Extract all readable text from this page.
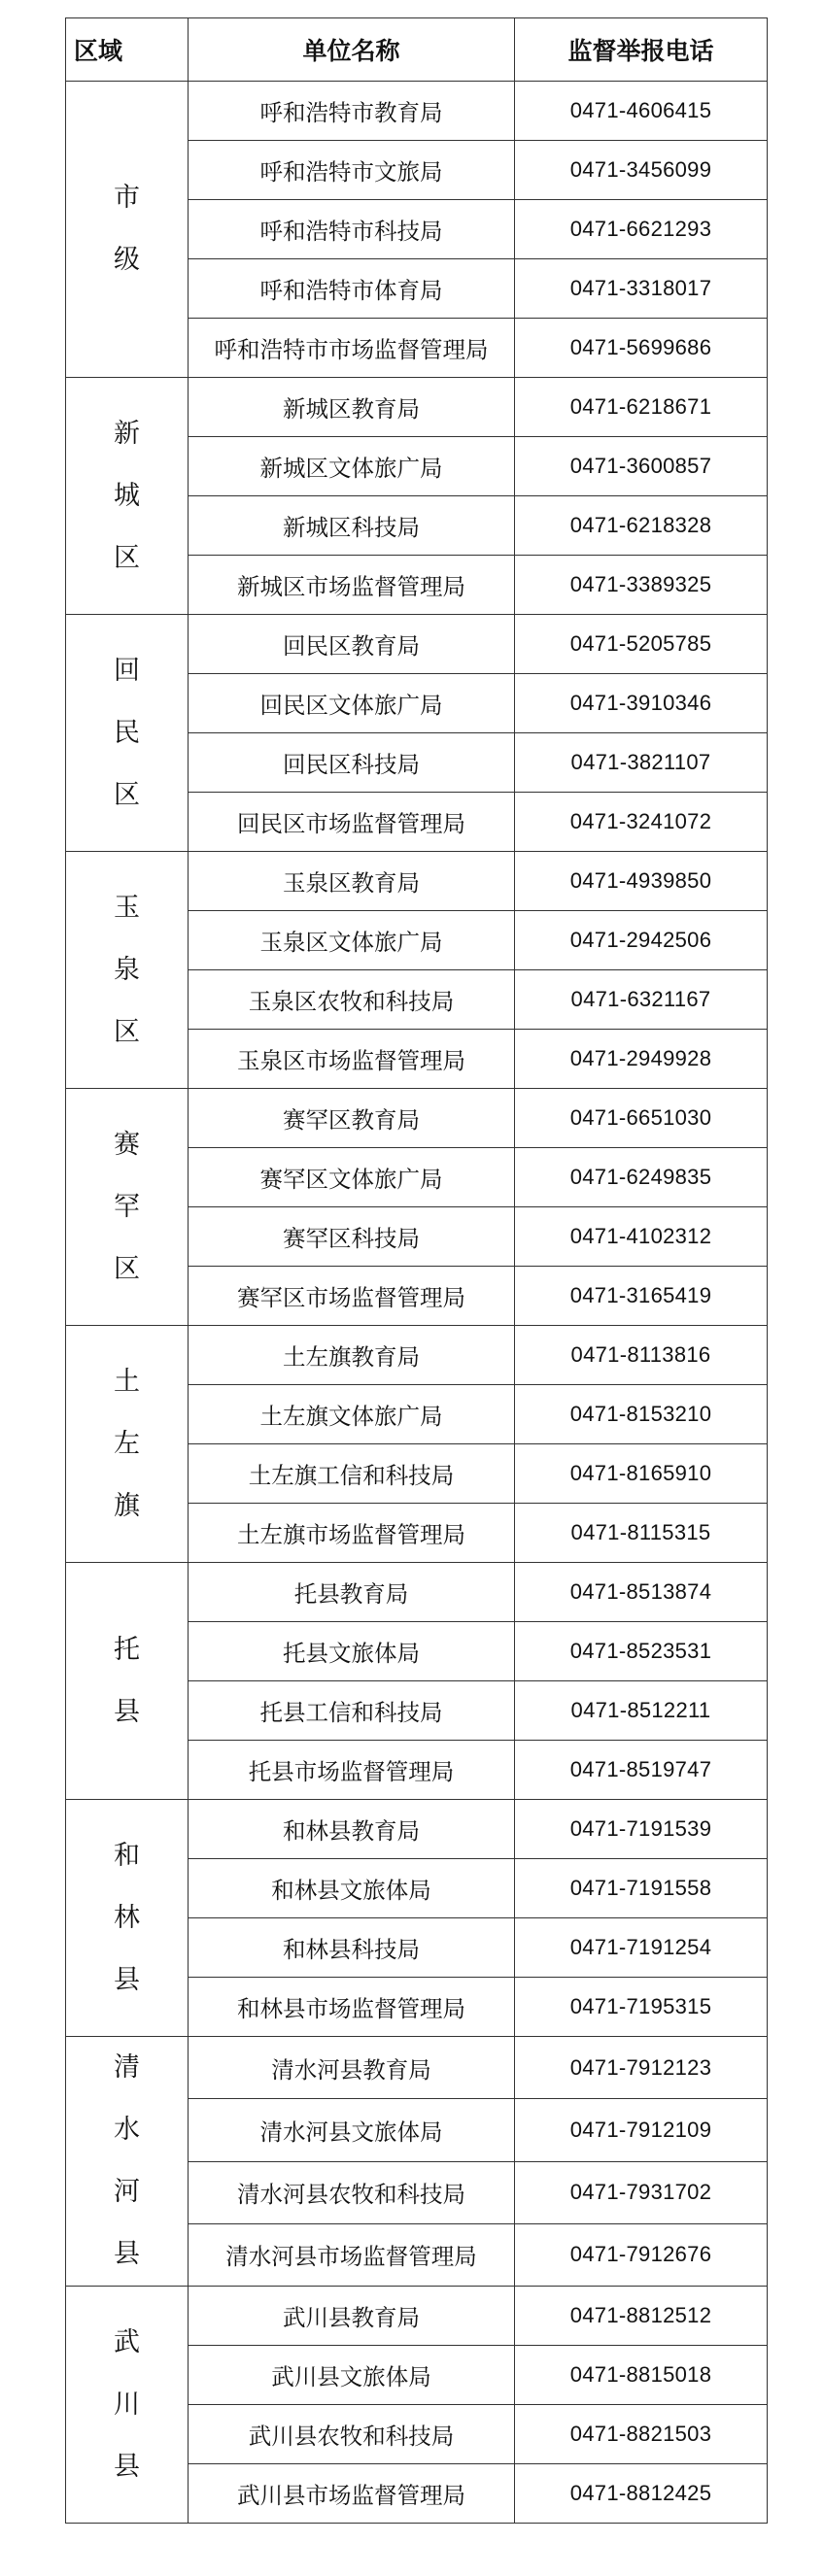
区域	单位名称	监督举报电话

市
级	呼和浩特市教育局	0471-4606415
	呼和浩特市文旅局	0471-3456099
	呼和浩特市科技局	0471-6621293
	呼和浩特市体育局	0471-3318017
	呼和浩特市市场监督管理局	0471-5699686

新
城
区	新城区教育局	0471-6218671
	新城区文体旅广局	0471-3600857
	新城区科技局	0471-6218328
	新城区市场监督管理局	0471-3389325

回
民
区	回民区教育局	0471-5205785
	回民区文体旅广局	0471-3910346
	回民区科技局	0471-3821107
	回民区市场监督管理局	0471-3241072

玉
泉
区	玉泉区教育局	0471-4939850
	玉泉区文体旅广局	0471-2942506
	玉泉区农牧和科技局	0471-6321167
	玉泉区市场监督管理局	0471-2949928

赛
罕
区	赛罕区教育局	0471-6651030
	赛罕区文体旅广局	0471-6249835
	赛罕区科技局	0471-4102312
	赛罕区市场监督管理局	0471-3165419

土
左
旗	土左旗教育局	0471-8113816
	土左旗文体旅广局	0471-8153210
	土左旗工信和科技局	0471-8165910
	土左旗市场监督管理局	0471-8115315

托
县	托县教育局	0471-8513874
	托县文旅体局	0471-8523531
	托县工信和科技局	0471-8512211
	托县市场监督管理局	0471-8519747

和
林
县	和林县教育局	0471-7191539
	和林县文旅体局	0471-7191558
	和林县科技局	0471-7191254
	和林县市场监督管理局	0471-7195315

清
水
河
县	清水河县教育局	0471-7912123
	清水河县文旅体局	0471-7912109
	清水河县农牧和科技局	0471-7931702
	清水河县市场监督管理局	0471-7912676

武
川
县	武川县教育局	0471-8812512
	武川县文旅体局	0471-8815018
	武川县农牧和科技局	0471-8821503
	武川县市场监督管理局	0471-8812425
